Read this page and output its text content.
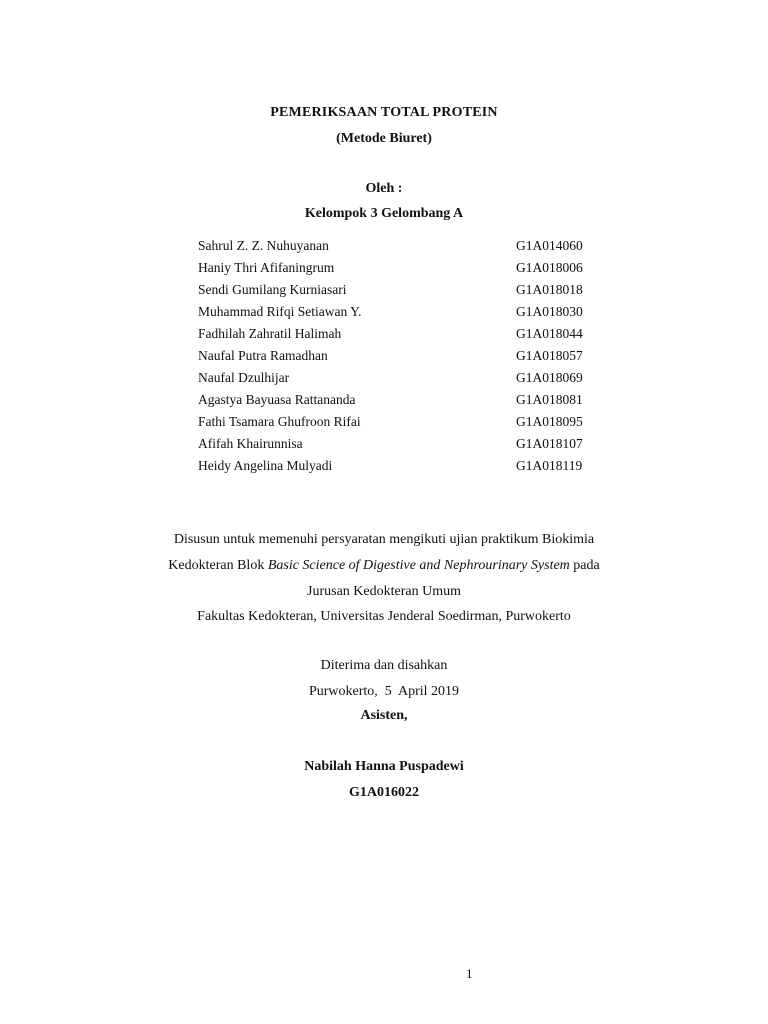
PEMERIKSAAN TOTAL PROTEIN
(Metode Biuret)
Oleh :
Kelompok 3 Gelombang A
Sahrul Z. Z. Nuhuyanan	G1A014060
Haniy Thri Afifaningrum	G1A018006
Sendi Gumilang Kurniasari	G1A018018
Muhammad Rifqi Setiawan Y.	G1A018030
Fadhilah Zahratil Halimah	G1A018044
Naufal Putra Ramadhan	G1A018057
Naufal Dzulhijar	G1A018069
Agastya Bayuasa Rattananda	G1A018081
Fathi Tsamara Ghufroon Rifai	G1A018095
Afifah Khairunnisa	G1A018107
Heidy Angelina Mulyadi	G1A018119
Disusun untuk memenuhi persyaratan mengikuti ujian praktikum Biokimia
Kedokteran Blok Basic Science of Digestive and Nephrourinary System pada
Jurusan Kedokteran Umum
Fakultas Kedokteran, Universitas Jenderal Soedirman, Purwokerto
Diterima dan disahkan
Purwokerto,  5  April 2019
Asisten,
Nabilah Hanna Puspadewi
G1A016022
1
